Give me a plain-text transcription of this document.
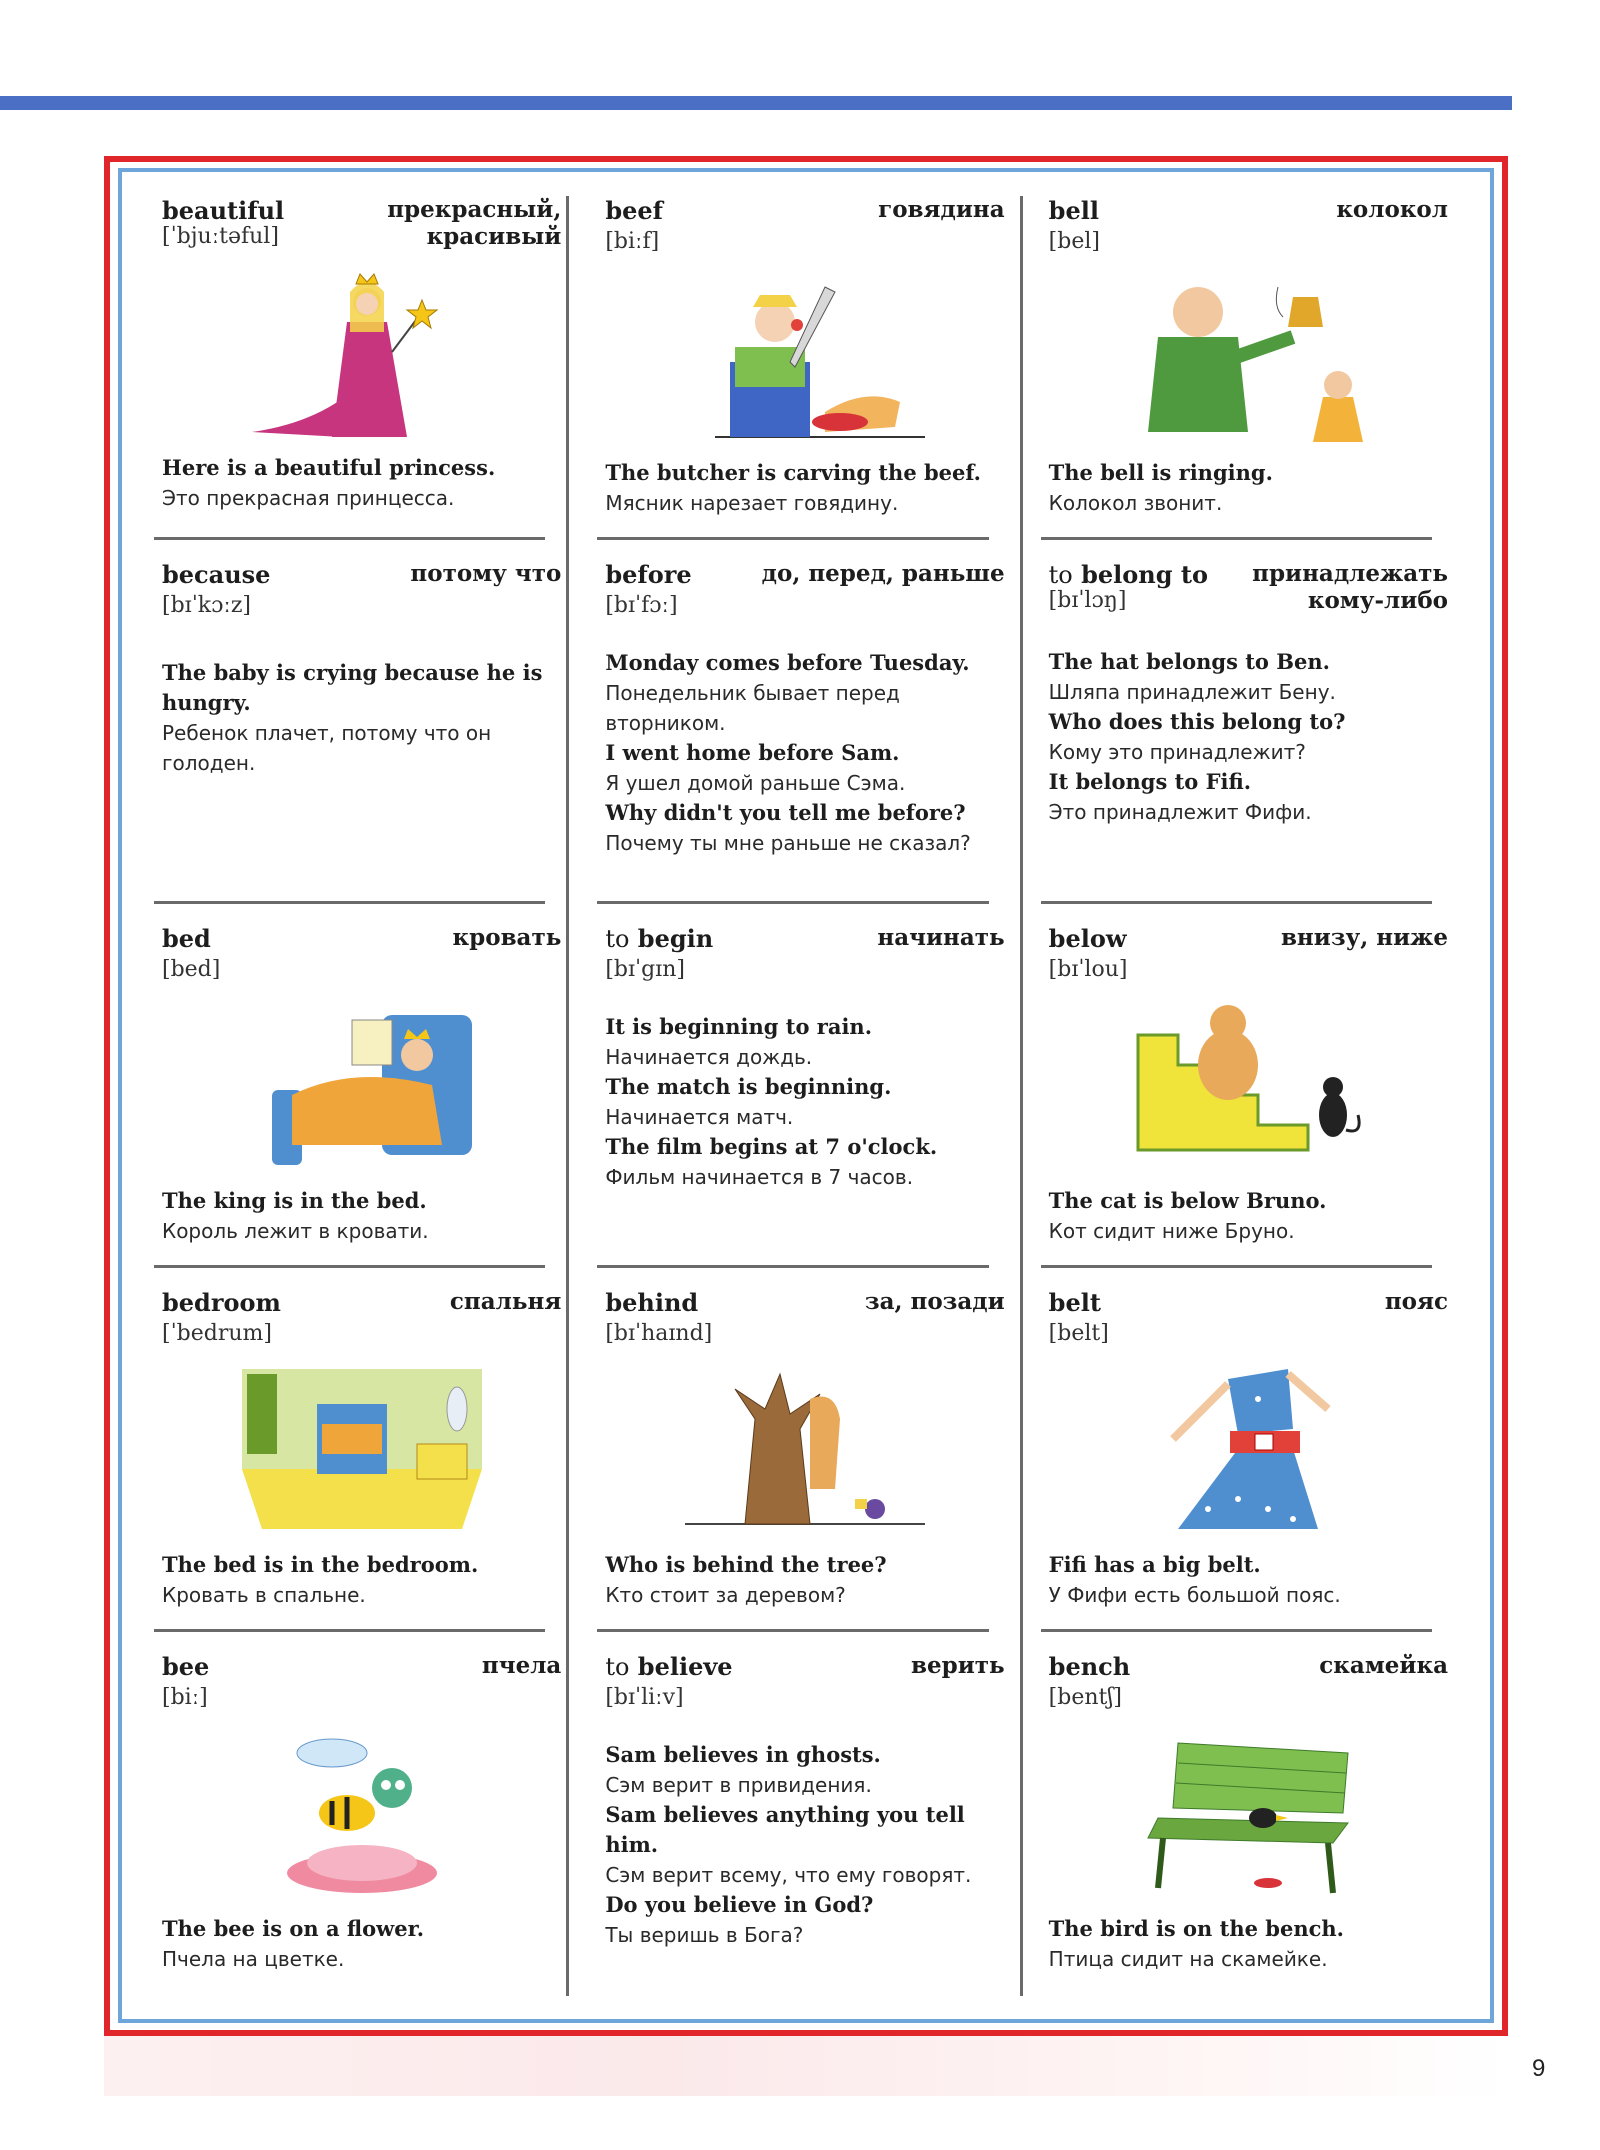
beautiful	прекрасный,
красивый
[ˈbjuːtəful]
Here is a beautiful princess.
Это прекрасная принцесса.
beef	говядина
[biːf]
The butcher is carving the beef.
Мясник нарезает говядину.
bell	колокол
[bel]
The bell is ringing.
Колокол звонит.
because	потому что
[bɪˈkɔːz]
The baby is crying because he is hungry.
Ребенок плачет, потому что он голоден.
before	до, перед, раньше
[bɪˈfɔː]
Monday comes before Tuesday.
Понедельник бывает перед вторником.
I went home before Sam.
Я ушел домой раньше Сэма.
Why didn't you tell me before?
Почему ты мне раньше не сказал?
to belong to принадлежать
кому-либо
[bɪˈlɔŋ]
The hat belongs to Ben.
Шляпа принадлежит Бену.
Who does this belong to?
Кому это принадлежит?
It belongs to Fifi.
Это принадлежит Фифи.
bed	кровать
[bed]
The king is in the bed.
Король лежит в кровати.
to begin	начинать
[bɪˈgɪn]
It is beginning to rain.
Начинается дождь.
The match is beginning.
Начинается матч.
The film begins at 7 o'clock.
Фильм начинается в 7 часов.
below	внизу, ниже
[bɪˈlou]
The cat is below Bruno.
Кот сидит ниже Бруно.
bedroom	спальня
[ˈbedrum]
The bed is in the bedroom.
Кровать в спальне.
behind	за, позади
[bɪˈhaɪnd]
Who is behind the tree?
Кто стоит за деревом?
belt	пояс
[belt]
Fifi has a big belt.
У Фифи есть большой пояс.
bee	пчела
[biː]
The bee is on a flower.
Пчела на цветке.
to believe	верить
[bɪˈliːv]
Sam believes in ghosts.
Сэм верит в привидения.
Sam believes anything you tell him.
Сэм верит всему, что ему говорят.
Do you believe in God?
Ты веришь в Бога?
bench	скамейка
[bentʃ]
The bird is on the bench.
Птица сидит на скамейке.
9
